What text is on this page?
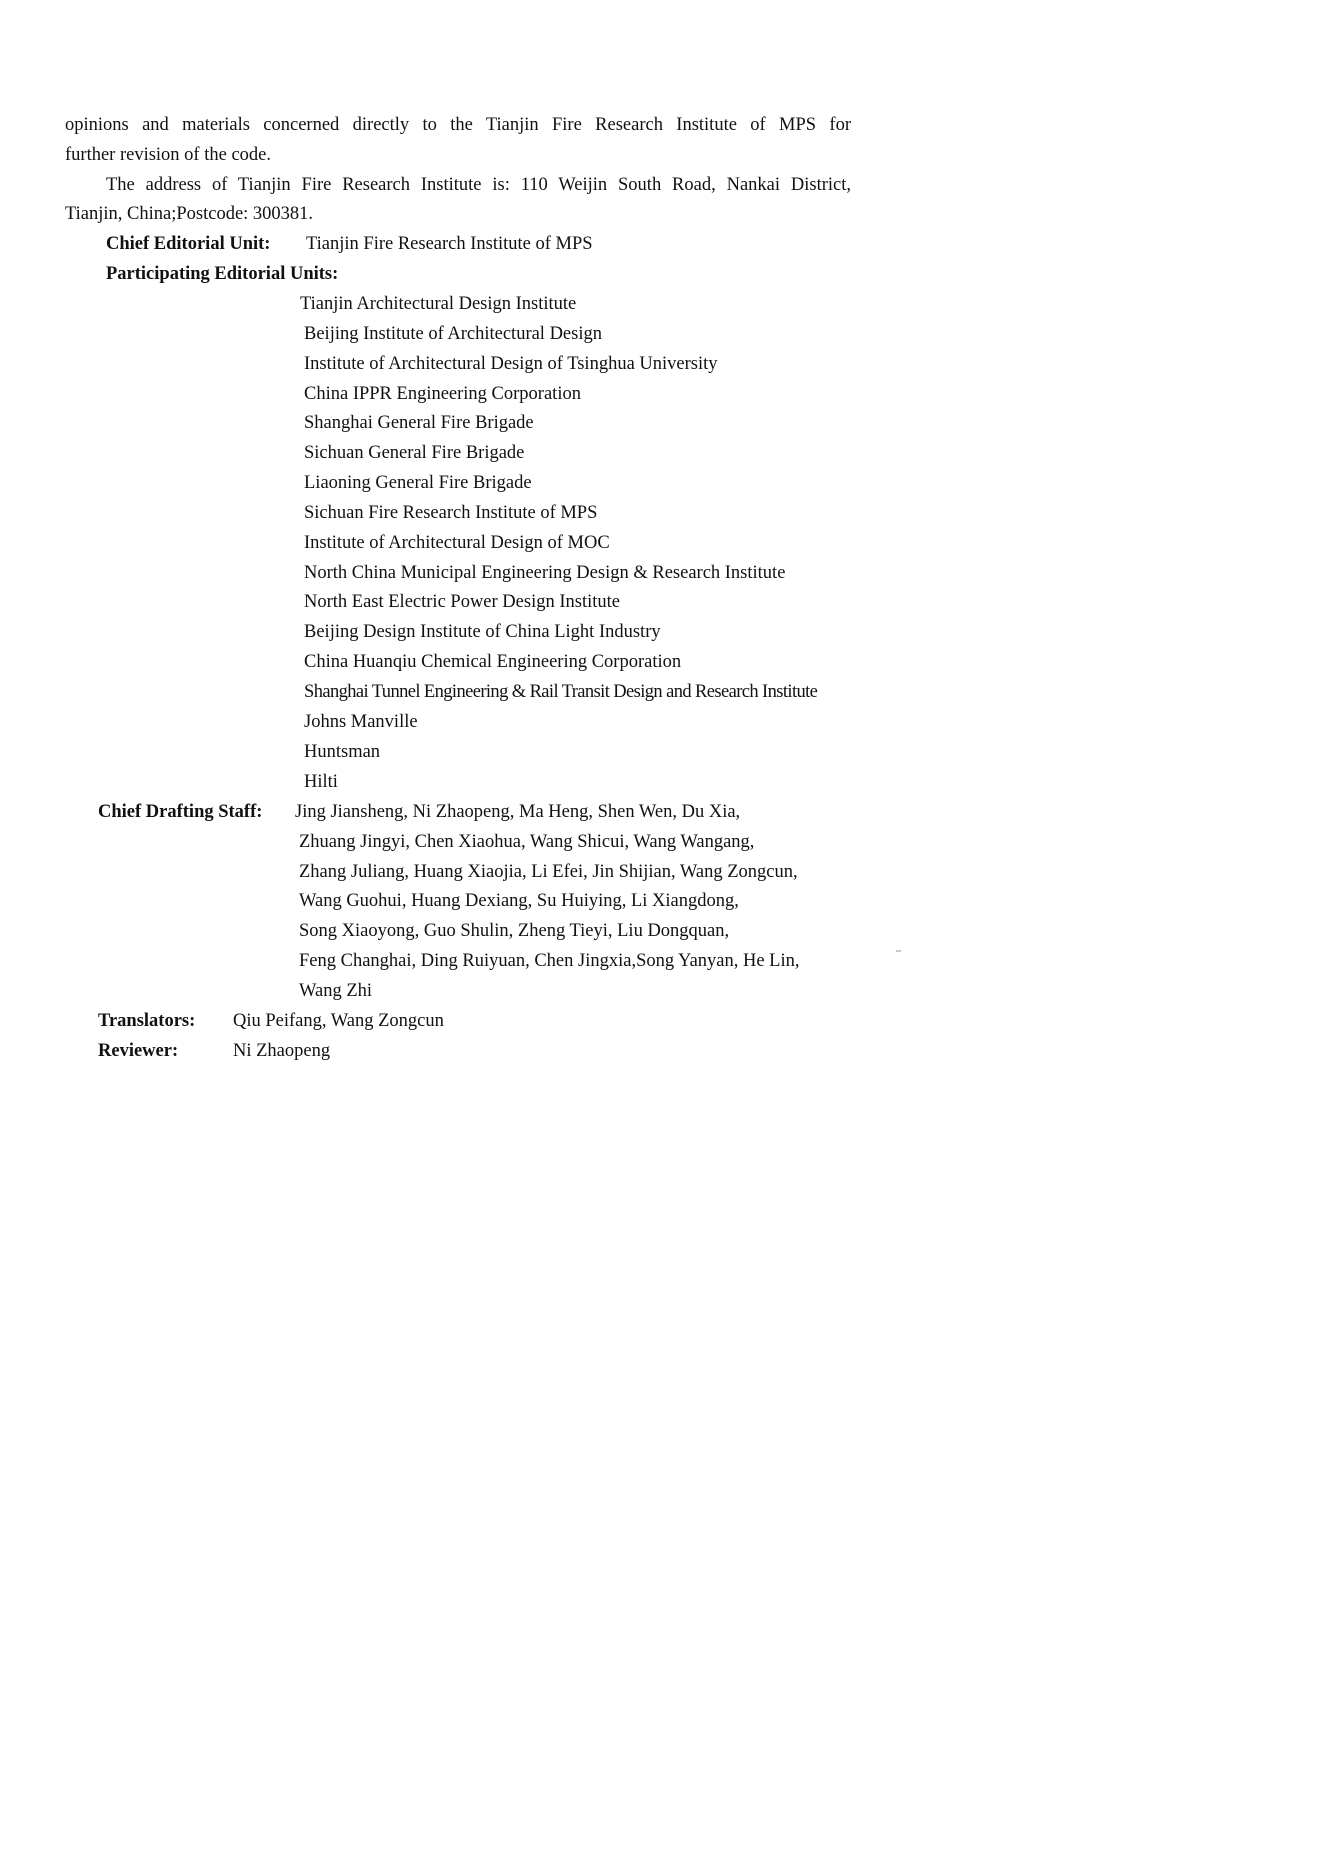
opinions and materials concerned directly to the Tianjin Fire Research Institute of MPS for
further revision of the code.
The address of Tianjin Fire Research Institute is: 110 Weijin South Road, Nankai District,
Tianjin, China;Postcode: 300381.
Chief Editorial Unit: Tianjin Fire Research Institute of MPS
Participating Editorial Units:
Tianjin Architectural Design Institute
Beijing Institute of Architectural Design
Institute of Architectural Design of Tsinghua University
China IPPR Engineering Corporation
Shanghai General Fire Brigade
Sichuan General Fire Brigade
Liaoning General Fire Brigade
Sichuan Fire Research Institute of MPS
Institute of Architectural Design of MOC
North China Municipal Engineering Design & Research Institute
North East Electric Power Design Institute
Beijing Design Institute of China Light Industry
China Huanqiu Chemical Engineering Corporation
Shanghai Tunnel Engineering & Rail Transit Design and Research Institute
Johns Manville
Huntsman
Hilti
Chief Drafting Staff: Jing Jiansheng, Ni Zhaopeng, Ma Heng, Shen Wen, Du Xia,
Zhuang Jingyi, Chen Xiaohua, Wang Shicui, Wang Wangang,
Zhang Juliang, Huang Xiaojia, Li Efei, Jin Shijian, Wang Zongcun,
Wang Guohui, Huang Dexiang, Su Huiying, Li Xiangdong,
Song Xiaoyong, Guo Shulin, Zheng Tieyi, Liu Dongquan,
Feng Changhai, Ding Ruiyuan, Chen Jingxia,Song Yanyan, He Lin,
Wang Zhi
Translators: Qiu Peifang, Wang Zongcun
Reviewer:	Ni Zhaopeng
